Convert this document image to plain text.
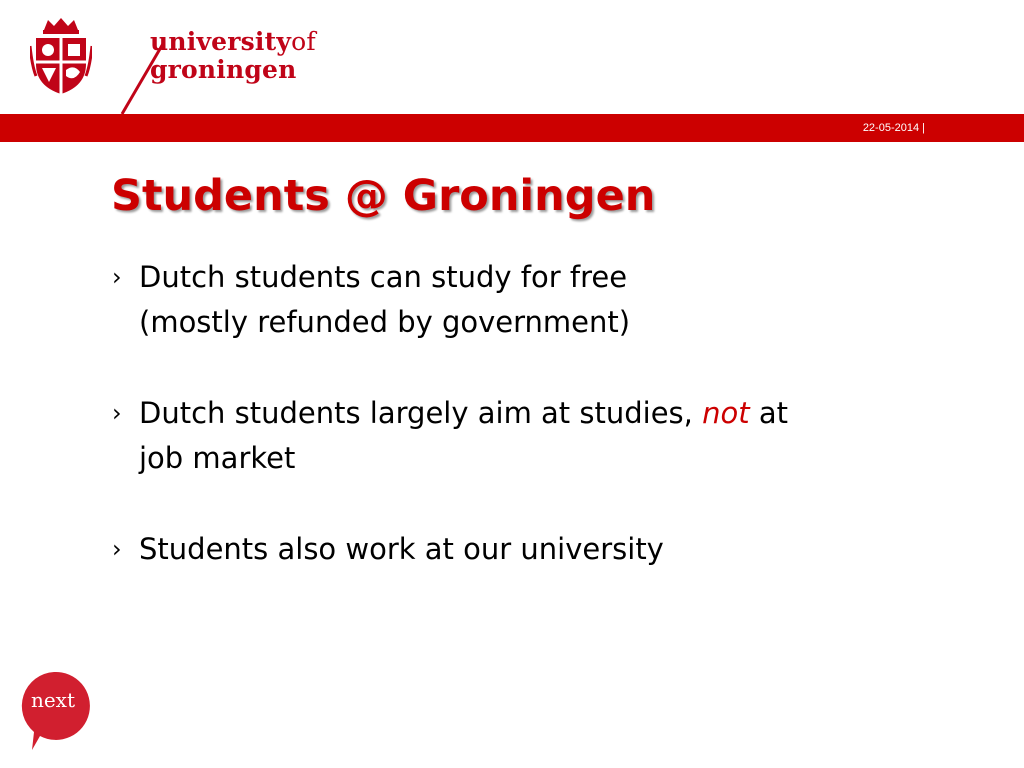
universityof
groningen
22-05-2014 |
Students @ Groningen
› Dutch students can study for free
(mostly refunded by government)
› Dutch students largely aim at studies, not at
job market
› Students also work at our university
next
